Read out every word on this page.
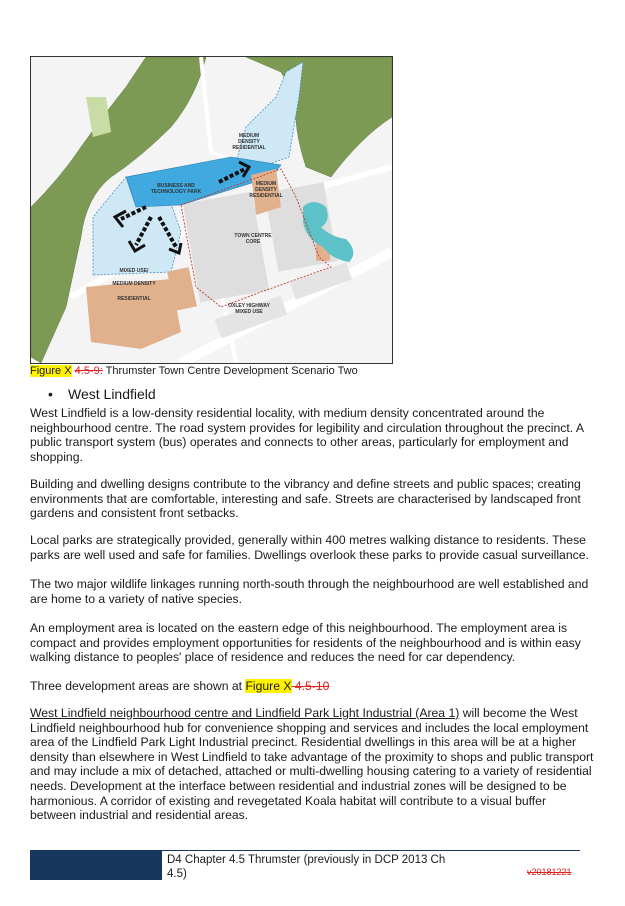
MEDIUM
DENSITY
RESIDENTIAL
BUSINESS AND
TECHNOLOGY PARK
MEDIUM
DENSITY
RESIDENTIAL
TOWN CENTRE
CORE
MIXED USE/
MEDIUM DENSITY
RESIDENTIAL
OXLEY HIGHWAY
MIXED USE
Figure X 4.5-9: Thrumster Town Centre Development Scenario Two
• West Lindfield

West Lindfield is a low-density residential locality, with medium density concentrated around the neighbourhood centre. The road system provides for legibility and circulation throughout the precinct. A public transport system (bus) operates and connects to other areas, particularly for employment and shopping.

Building and dwelling designs contribute to the vibrancy and define streets and public spaces; creating environments that are comfortable, interesting and safe. Streets are characterised by landscaped front gardens and consistent front setbacks.

Local parks are strategically provided, generally within 400 metres walking distance to residents. These parks are well used and safe for families. Dwellings overlook these parks to provide casual surveillance.

The two major wildlife linkages running north-south through the neighbourhood are well established and are home to a variety of native species.

An employment area is located on the eastern edge of this neighbourhood. The employment area is compact and provides employment opportunities for residents of the neighbourhood and is within easy walking distance to peoples' place of residence and reduces the need for car dependency.

Three development areas are shown at Figure X 4.5-10

West Lindfield neighbourhood centre and Lindfield Park Light Industrial (Area 1) will become the West Lindfield neighbourhood hub for convenience shopping and services and includes the local employment area of the Lindfield Park Light Industrial precinct. Residential dwellings in this area will be at a higher density than elsewhere in West Lindfield to take advantage of the proximity to shops and public transport and may include a mix of detached, attached or multi-dwelling housing catering to a variety of residential needs. Development at the interface between residential and industrial zones will be designed to be harmonious. A corridor of existing and revegetated Koala habitat will contribute to a visual buffer between industrial and residential areas.

D4 Chapter 4.5 Thrumster (previously in DCP 2013 Ch 4.5)	v20181221
